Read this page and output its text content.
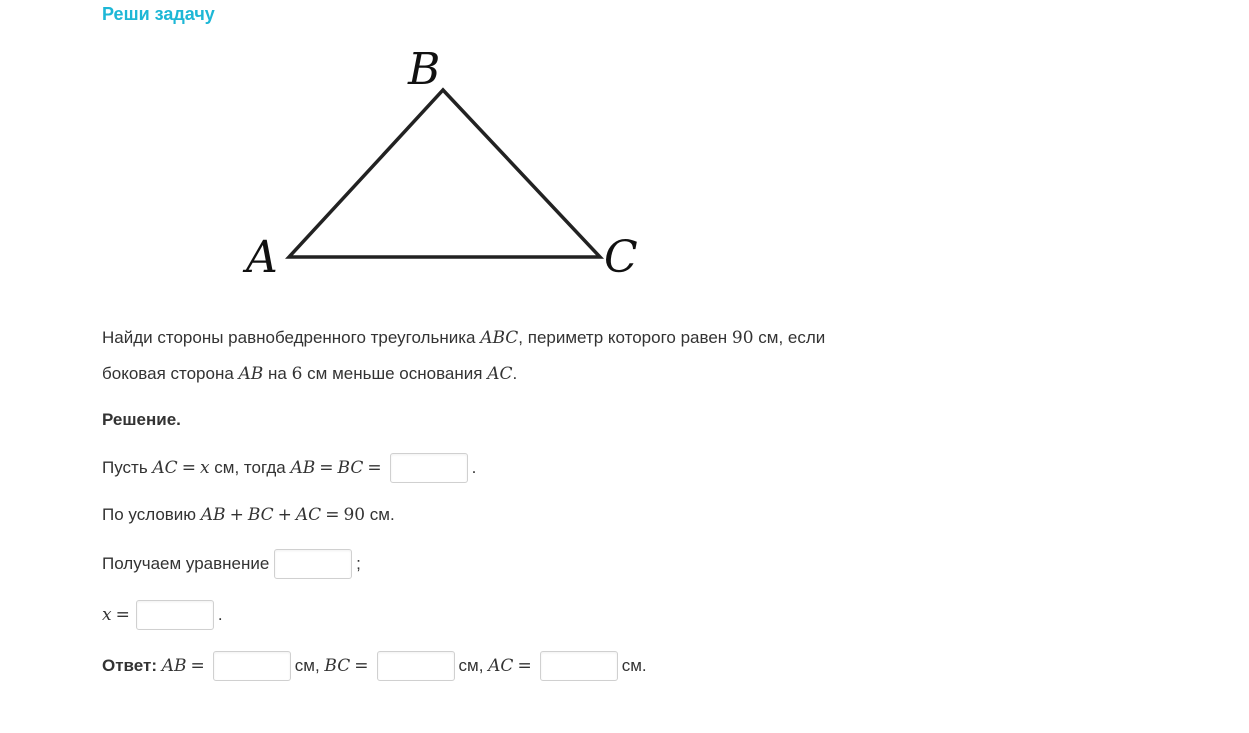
Реши задачу
B
A	C
Найди стороны равнобедренного треугольника ABC , периметр которого равен 90 см, если
боковая сторона AB на 6 см меньше основания AC .
Решение.
Пусть AC = x см, тогда AB = BC =	.
По условию AB + BC + AC = 90 см.
Получаем уравнение	;
x =	.
Ответ:
AB =	см,
BC =	см,
AC =	см.
